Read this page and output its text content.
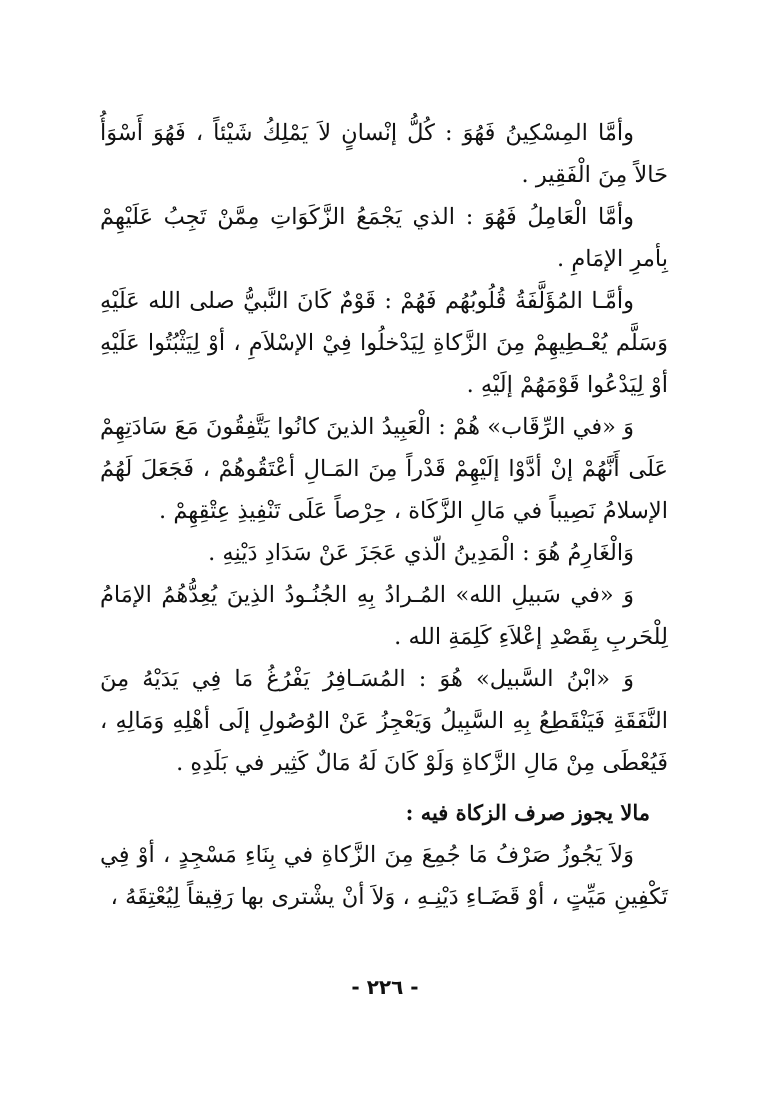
وأمَّا المِسْكِينُ فَهُوَ : كُلُّ إنْسانٍ لاَ يَمْلِكُ شَيْئاً ، فَهُوَ أَسْوَأُ حَالاً مِنَ الْفَقِير .

وأمَّا الْعَامِلُ فَهُوَ : الذي يَجْمَعُ الزَّكَوَاتِ مِمَّنْ تَجِبُ عَلَيْهِمْ بِأمرِ الإمَامِ .

وأمَّـا المُؤَلَّفَةُ قُلُوبُهُم فَهُمْ : قَوْمٌ كَانَ النَّبيُّ صلى الله عَلَيْهِ وَسَلَّم يُعْـطِيهِمْ مِنَ الزَّكاةِ لِيَدْخلُوا فِيْ الإسْلاَمِ ، أوْ لِيَثْبُتُوا عَلَيْهِ أوْ لِيَدْعُوا قَوْمَهُمْ إلَيْهِ .

وَ «في الرِّقَاب» هُمْ : الْعَبِيدُ الذينَ كانُوا يَتَّفِقُونَ مَعَ سَادَتِهِمْ عَلَى أَنَّهُمْ إنْ أدَّوْا إلَيْهِمْ قَدْراً مِنَ المَـالِ أعْتَقُوهُمْ ، فَجَعَلَ لَهُمُ الإسلامُ نَصِيباً في مَالِ الزَّكَاة ، حِرْصاً عَلَى تَنْفِيذِ عِتْقِهِمْ .

وَالْغَارِمُ هُوَ : الْمَدِينُ الّذي عَجَزَ عَنْ سَدَادِ دَيْنِهِ .

وَ «في سَبيلِ الله» المُـرادُ بِهِ الجُنُـودُ الذِينَ يُعِدُّهُمُ الإمَامُ لِلْحَربِ بِقَصْدِ إعْلاَءِ كَلِمَةِ الله .

وَ «ابْنُ السَّبيل» هُوَ : المُسَـافِرُ يَفْرُغُ مَا فِي يَدَيْهُ مِنَ النَّفَقَةِ فَيَنْقَطِعُ بِهِ السَّبِيلُ وَيَعْجِزُ عَنْ الوُصُولِ إلَى أهْلِهِ وَمَالِهِ ، فَيُعْطَى مِنْ مَالِ الزَّكاةِ وَلَوْ كَانَ لَهُ مَالٌ كَثِير في بَلَدِهِ .

مالا يجوز صرف الزكاة فيه :

وَلاَ يَجُوزُ صَرْفُ مَا جُمِعَ مِنَ الزَّكاةِ في بِنَاءِ مَسْجِدٍ ، أوْ فِي تَكْفِينِ مَيِّتٍ ، أوْ قَضَـاءِ دَيْنِـهِ ، وَلاَ أنْ يشْترى بها رَقِيقاً لِيُعْتِقَهُ ،

- ٢٢٦ -
